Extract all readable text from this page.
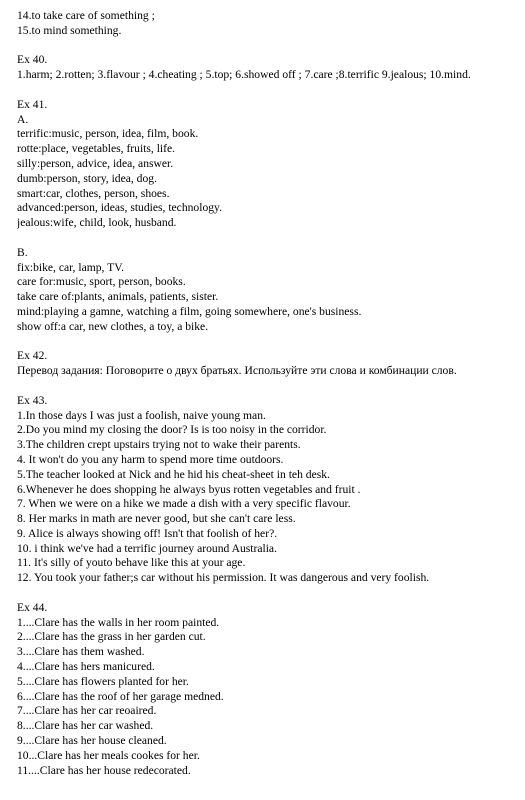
14.to take care of something ;
15.to mind something.
Ex 40.
1.harm; 2.rotten; 3.flavour ; 4.cheating ; 5.top; 6.showed off ; 7.care ;8.terrific 9.jealous; 10.mind.
Ex 41.
A.
terrific:music, person, idea, film, book.
rotte:place, vegetables, fruits, life.
silly:person, advice, idea, answer.
dumb:person, story, idea, dog.
smart:car, clothes, person, shoes.
advanced:person, ideas, studies, technology.
jealous:wife, child, look, husband.
B.
fix:bike, car, lamp, TV.
care for:music, sport, person, books.
take care of:plants, animals, patients, sister.
mind:playing a gamne, watching a film, going somewhere, one's business.
show off:a car, new clothes, a toy, a bike.
Ex 42.
Перевод задания: Поговорите о двух братьях. Используйте эти слова и комбинации слов.
Ex 43.
1.In those days I was just a foolish, naive young man.
2.Do you mind my closing the door? Is is too noisy in the corridor.
3.The children crept upstairs trying not to wake their parents.
4. It won't do you any harm to spend more time outdoors.
5.The teacher looked at Nick and he hid his cheat-sheet in teh desk.
6.Whenever he does shopping he always byus rotten vegetables and fruit .
7. When we were on a hike we made a dish with a very specific flavour.
8. Her marks in math are never good, but she can't care less.
9. Alice is always showing off! Isn't that foolish of her?.
10. i think we've had a terrific journey around Australia.
11. It's silly of youto behave like this at your age.
12. You took your father;s car without his permission. It was dangerous and very foolish.
Ex 44.
1....Clare has the walls in her room painted.
2....Clare has the grass in her garden cut.
3....Clare has them washed.
4....Clare has hers manicured.
5....Clare has flowers planted for her.
6....Clare has the roof of her garage medned.
7....Clare has her car reoaired.
8....Clare has her car washed.
9....Clare has her house cleaned.
10...Clare has her meals cookes for her.
11....Clare has her house redecorated.
